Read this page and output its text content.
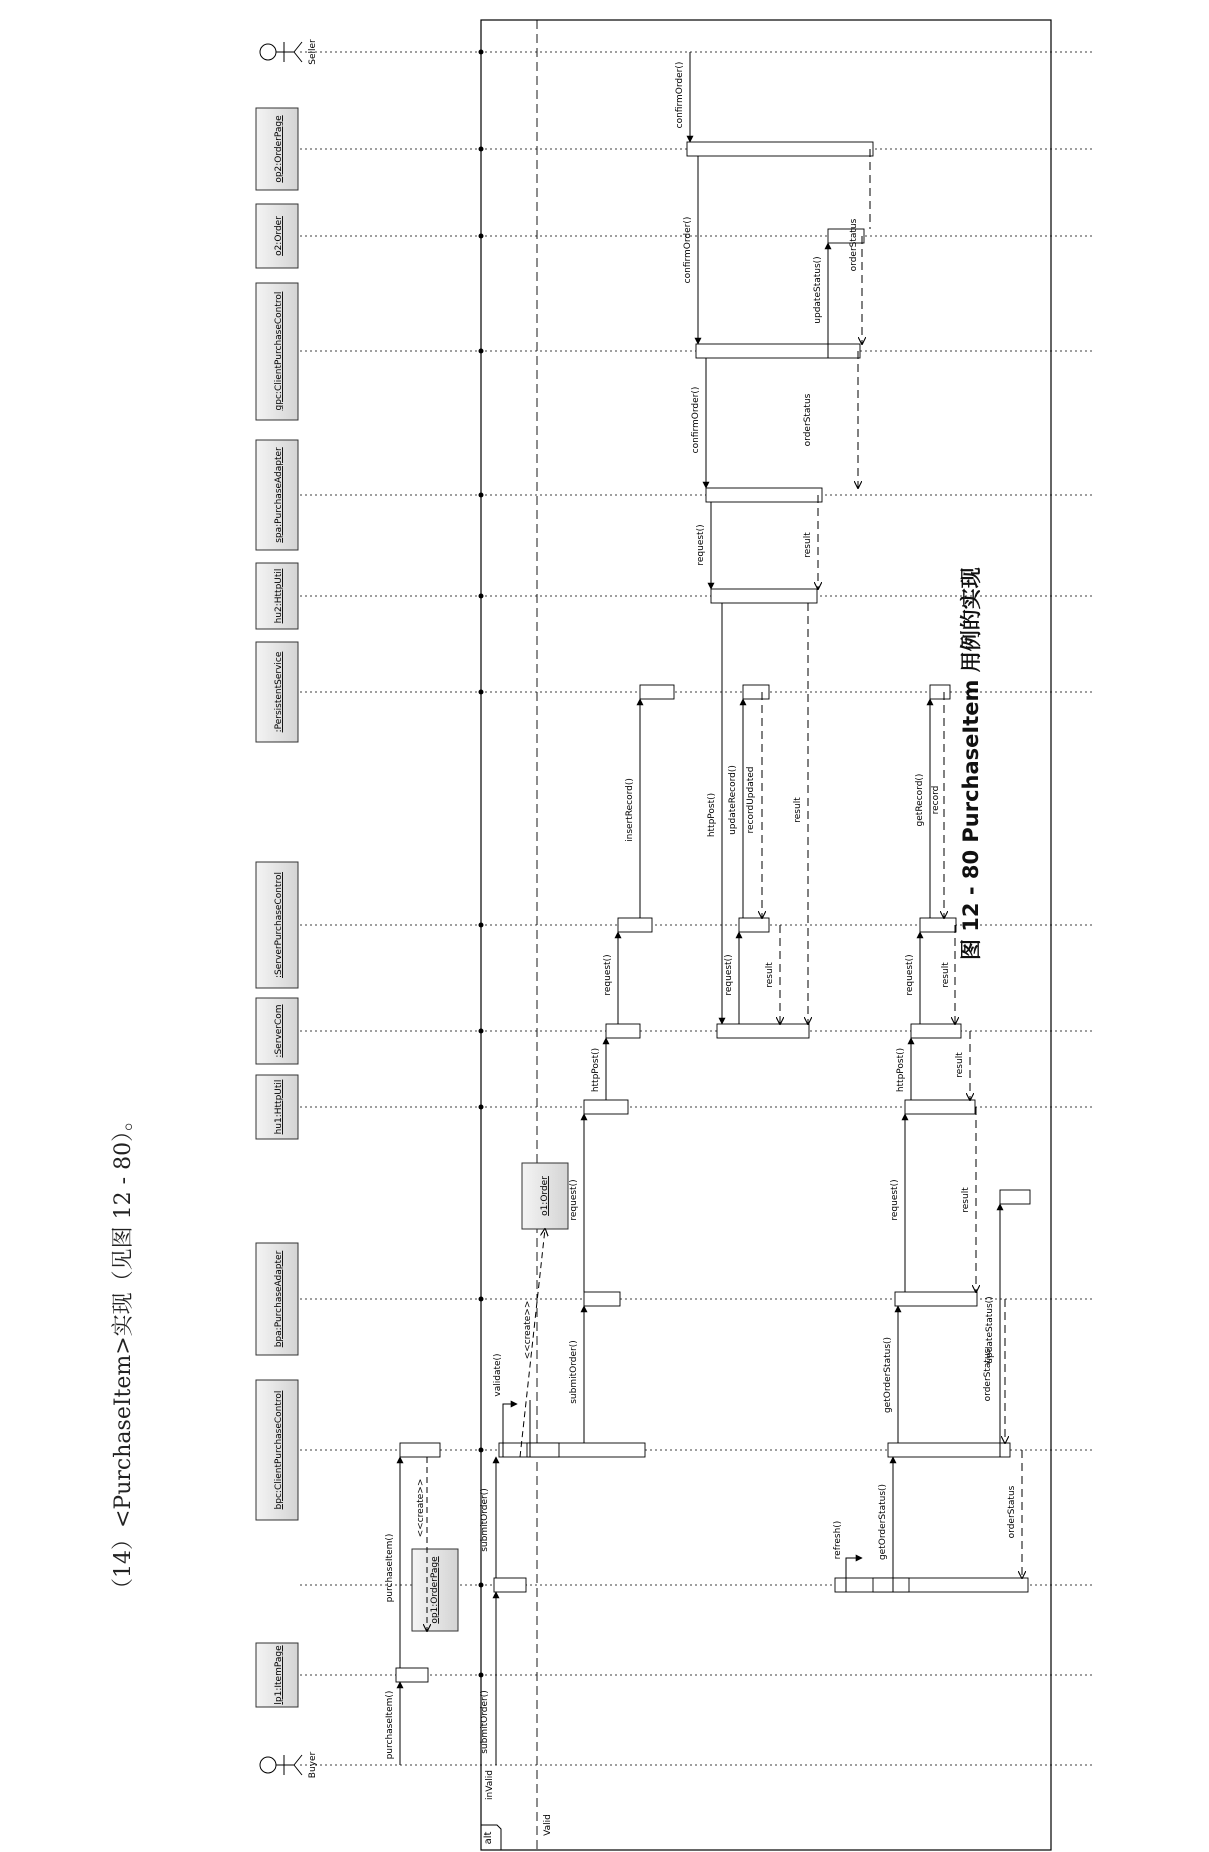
（14）<PurchaseItem>实现（见图 12 - 80）。
图 12 - 80 PurchaseItem 用例的实现
Buyer
Seller
lp1:ItemPage
bpc:ClientPurchaseControl
bpa:PurchaseAdapter
hu1:HttpUtil
:ServerCom
:ServerPurchaseControl
:PersistentService
hu2:HttpUtil
spa:PurchaseAdapter
gpc:ClientPurchaseControl
o2:Order
op2:OrderPage
alt
inValid
Valid
op1:OrderPage
o1:Order
purchaseItem()
purchaseItem()
<<create>>
submitOrder()
submitOrder()
validate()
<<create>>
submitOrder()
request()
httpPost()
request()
insertRecord()
confirmOrder()
confirmOrder()
confirmOrder()
request()
httpPost()
request()
updateRecord() recordUpdated
result
result
result
orderStatus
updateStatus()
orderStatus
refresh()	getOrderStatus()
getOrderStatus()
request()
httpPost()
request()
getRecord() record
result
result
result
orderStatus
updateStatus()
orderStatus
